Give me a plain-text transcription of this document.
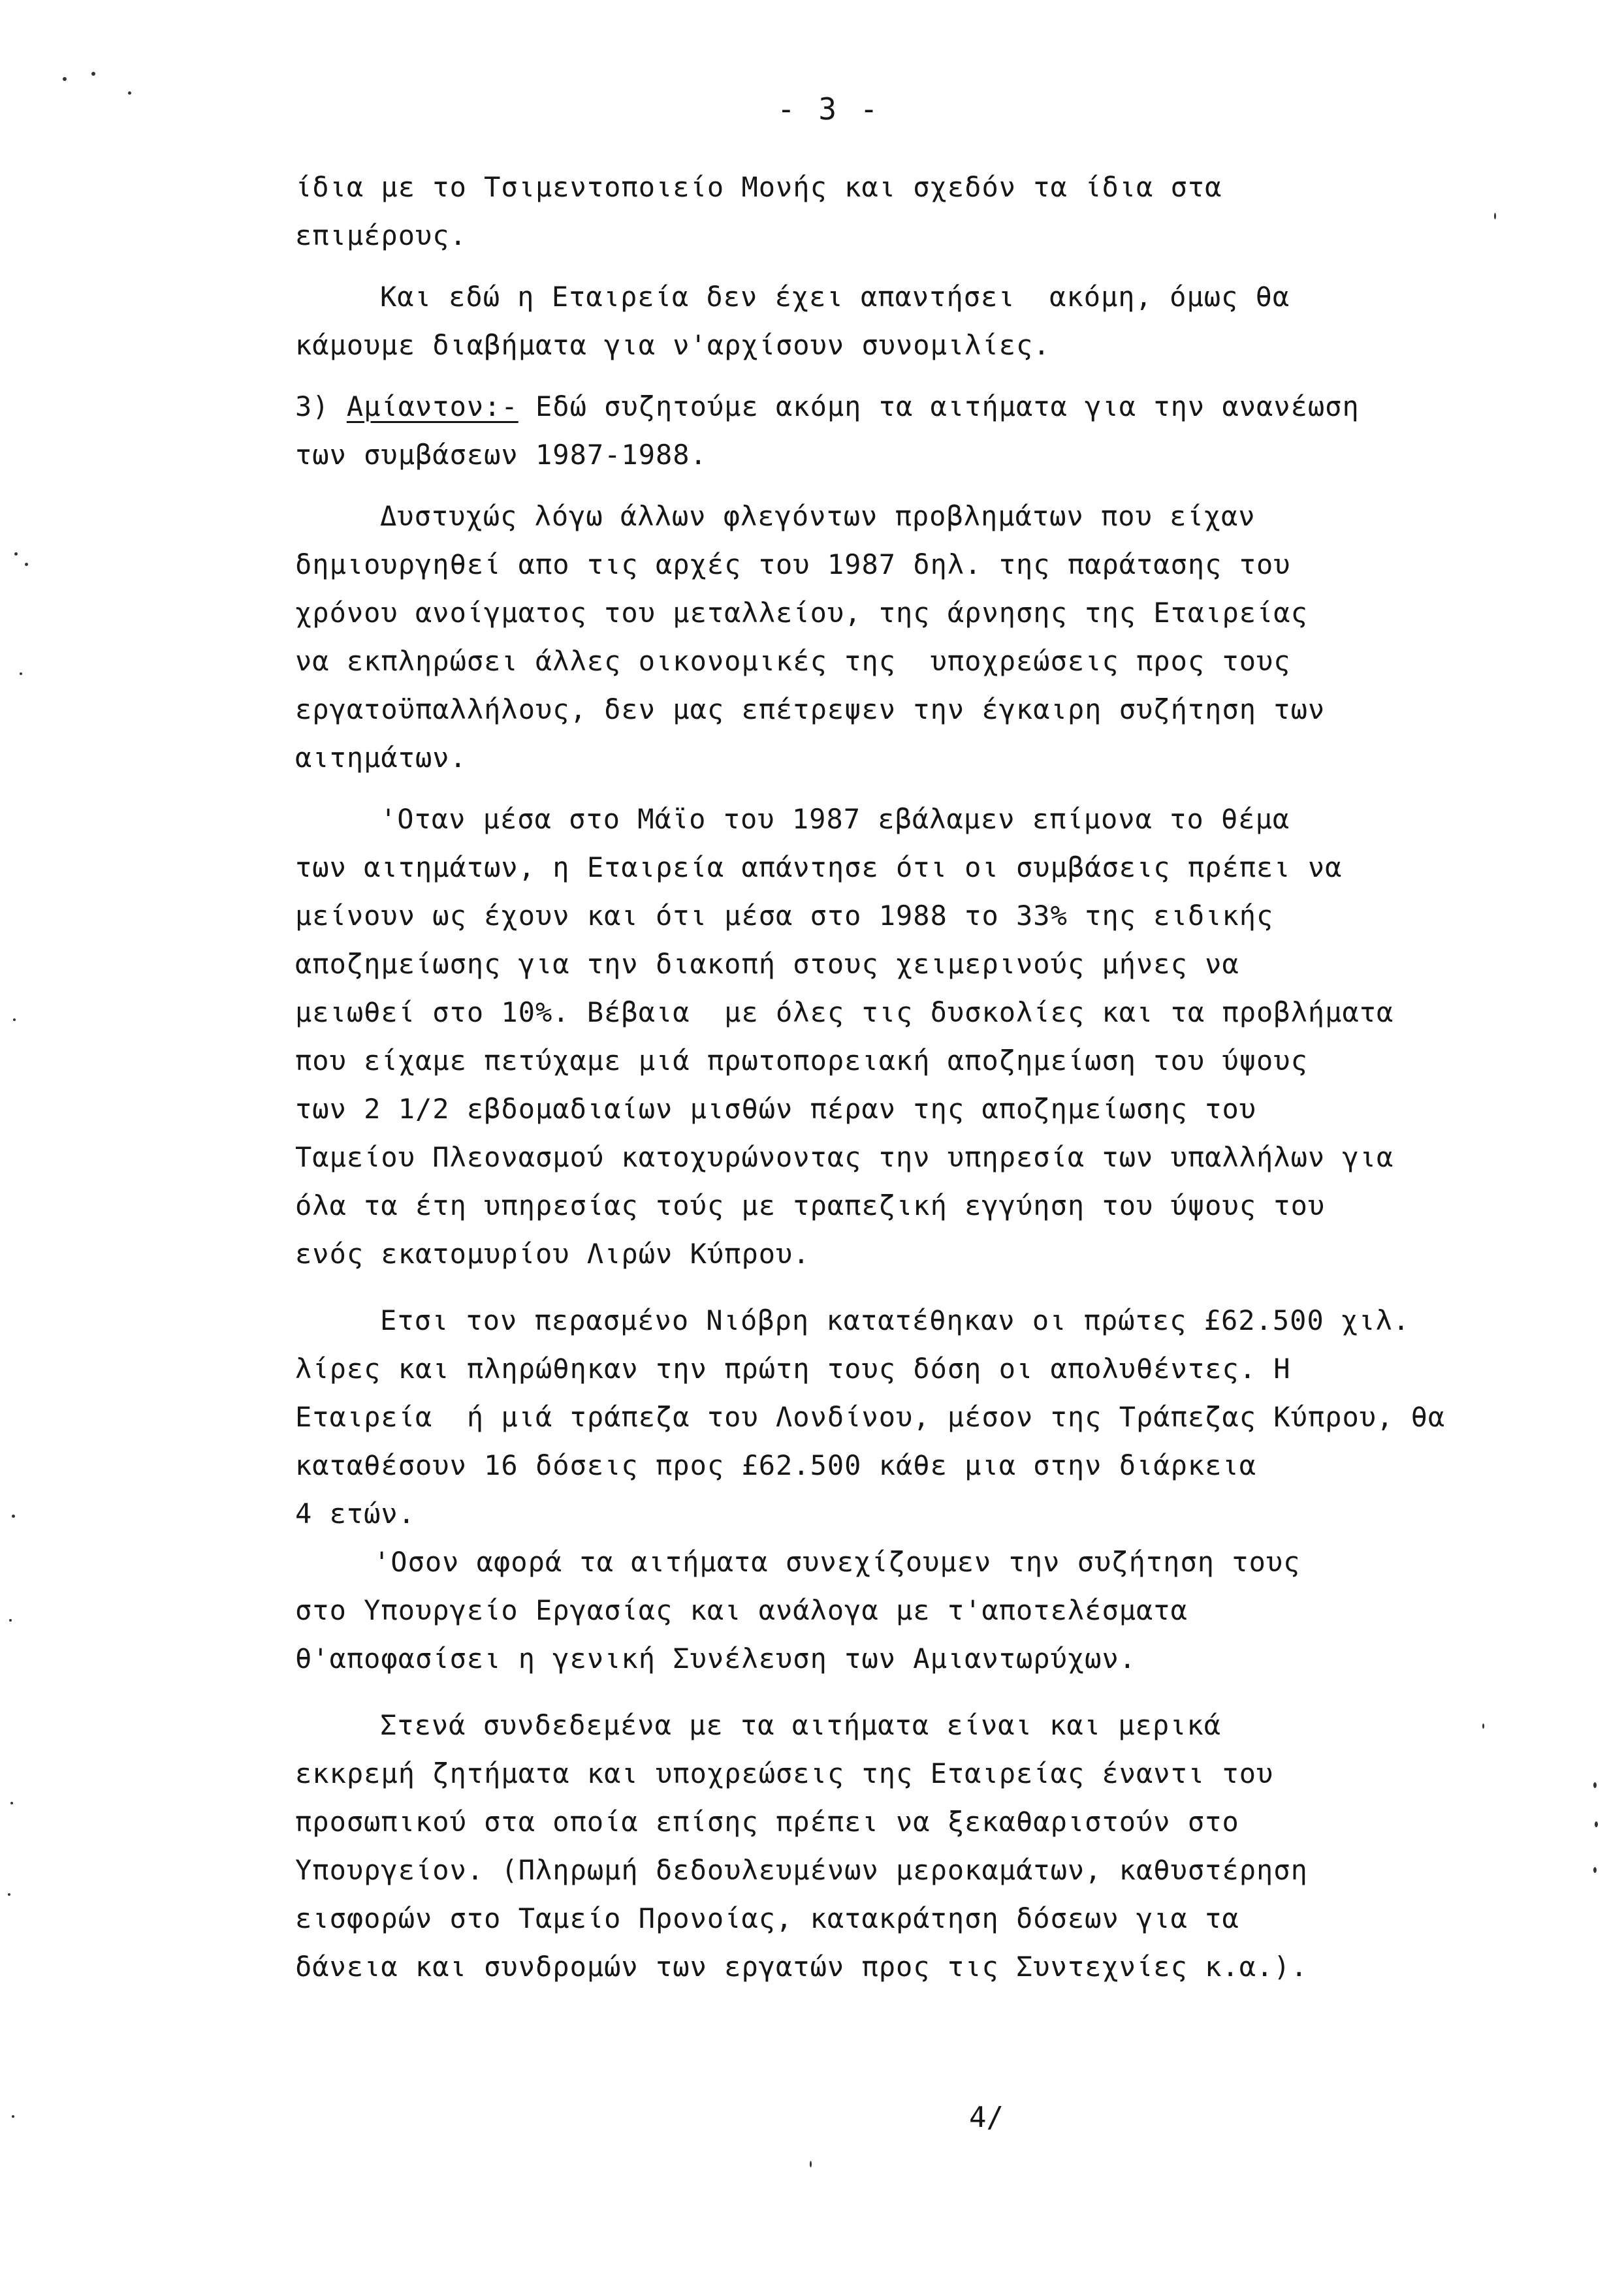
- 3 -
ίδια με το Τσιμεντοποιείο Μονής και σχεδόν τα ίδια στα
επιμέρους.
Και εδώ η Εταιρεία δεν έχει απαντήσει  ακόμη, όμως θα
κάμουμε διαβήματα για ν'αρχίσουν συνομιλίες.
3) Αμίαντον:- Εδώ συζητούμε ακόμη τα αιτήματα για την ανανέωση
των συμβάσεων 1987-1988.
Δυστυχώς λόγω άλλων φλεγόντων προβλημάτων που είχαν
δημιουργηθεί απο τις αρχές του 1987 δηλ. της παράτασης του
χρόνου ανοίγματος του μεταλλείου, της άρνησης της Εταιρείας
να εκπληρώσει άλλες οικονομικές της  υποχρεώσεις προς τους
εργατοϋπαλλήλους, δεν μας επέτρεψεν την έγκαιρη συζήτηση των
αιτημάτων.
'Οταν μέσα στο Μάϊο του 1987 εβάλαμεν επίμονα το θέμα
των αιτημάτων, η Εταιρεία απάντησε ότι οι συμβάσεις πρέπει να
μείνουν ως έχουν και ότι μέσα στο 1988 το 33% της ειδικής
αποζημείωσης για την διακοπή στους χειμερινούς μήνες να
μειωθεί στο 10%. Βέβαια  με όλες τις δυσκολίες και τα προβλήματα
που είχαμε πετύχαμε μιά πρωτοπορειακή αποζημείωση του ύψους
των 2 1/2 εβδομαδιαίων μισθών πέραν της αποζημείωσης του
Ταμείου Πλεονασμού κατοχυρώνοντας την υπηρεσία των υπαλλήλων για
όλα τα έτη υπηρεσίας τούς με τραπεζική εγγύηση του ύψους του
ενός εκατομυρίου Λιρών Κύπρου.
Ετσι τον περασμένο Νιόβρη κατατέθηκαν οι πρώτες £62.500 χιλ.
λίρες και πληρώθηκαν την πρώτη τους δόση οι απολυθέντες. Η
Εταιρεία  ή μιά τράπεζα του Λονδίνου, μέσον της Τράπεζας Κύπρου, θα
καταθέσουν 16 δόσεις προς £62.500 κάθε μια στην διάρκεια
4 ετών.
'Οσον αφορά τα αιτήματα συνεχίζουμεν την συζήτηση τους
στο Υπουργείο Εργασίας και ανάλογα με τ'αποτελέσματα
θ'αποφασίσει η γενική Συνέλευση των Αμιαντωρύχων.
Στενά συνδεδεμένα με τα αιτήματα είναι και μερικά
εκκρεμή ζητήματα και υποχρεώσεις της Εταιρείας έναντι του
προσωπικού στα οποία επίσης πρέπει να ξεκαθαριστούν στο
Υπουργείον. (Πληρωμή δεδουλευμένων μεροκαμάτων, καθυστέρηση
εισφορών στο Ταμείο Προνοίας, κατακράτηση δόσεων για τα
δάνεια και συνδρομών των εργατών προς τις Συντεχνίες κ.α.).
4/
